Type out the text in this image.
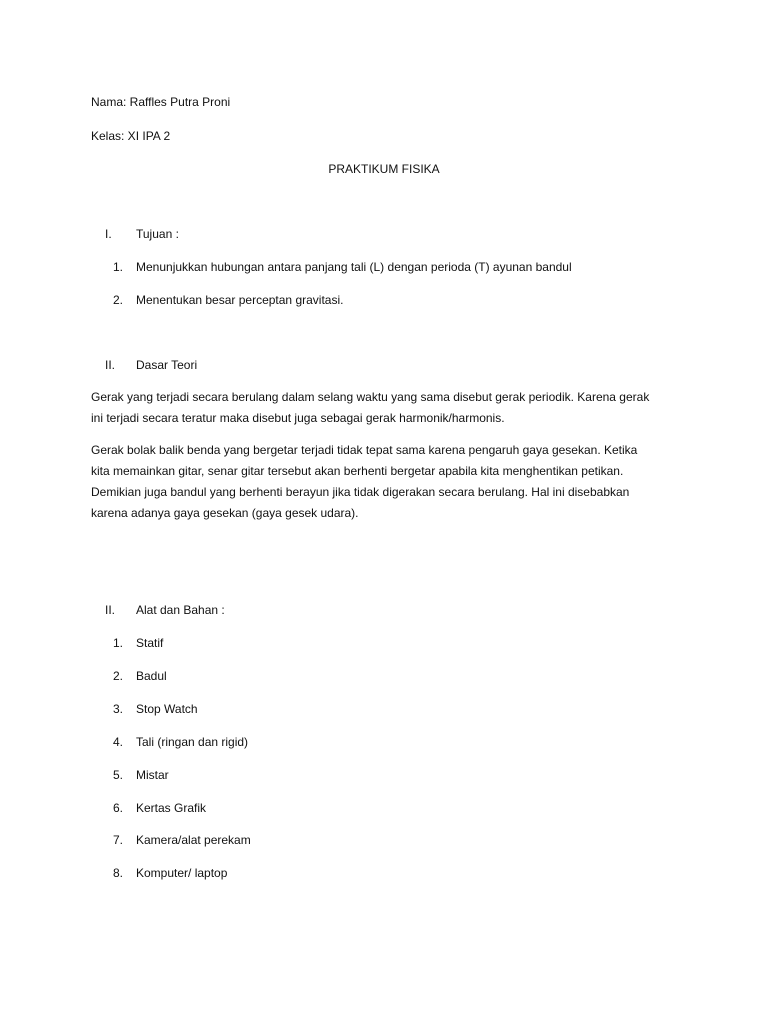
Nama: Raffles Putra Proni
Kelas: XI IPA 2
PRAKTIKUM FISIKA
I. Tujuan :
1. Menunjukkan hubungan antara panjang tali (L) dengan perioda (T) ayunan bandul
2. Menentukan besar perceptan gravitasi.
II. Dasar Teori
Gerak yang terjadi secara berulang dalam selang waktu yang sama disebut gerak periodik. Karena gerak
ini terjadi secara teratur maka disebut juga sebagai gerak harmonik/harmonis.
Gerak bolak balik benda yang bergetar terjadi tidak tepat sama karena pengaruh gaya gesekan. Ketika
kita memainkan gitar, senar gitar tersebut akan berhenti bergetar apabila kita menghentikan petikan.
Demikian juga bandul yang berhenti berayun jika tidak digerakan secara berulang. Hal ini disebabkan
karena adanya gaya gesekan (gaya gesek udara).
II. Alat dan Bahan :
1. Statif
2. Badul
3. Stop Watch
4. Tali (ringan dan rigid)
5. Mistar
6. Kertas Grafik
7. Kamera/alat perekam
8. Komputer/ laptop
